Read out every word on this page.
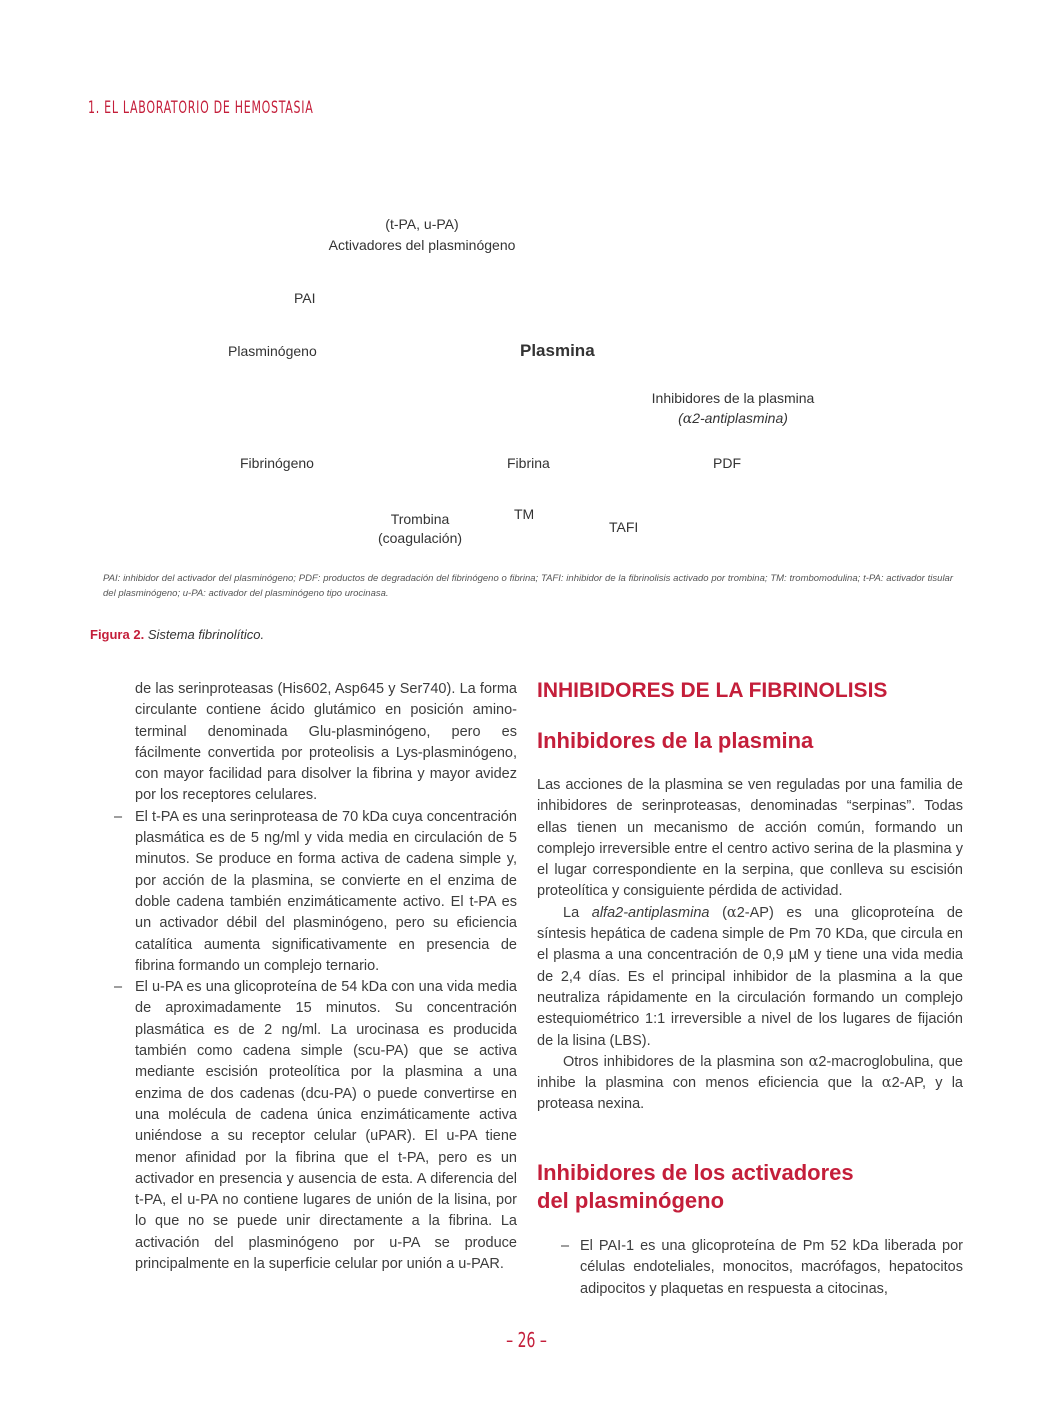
1. EL LABORATORIO DE HEMOSTASIA
(t-PA, u-PA)
Activadores del plasminógeno
PAI
Plasminógeno	Plasmina
Inhibidores de la plasmina
(α2-antiplasmina)
Fibrinógeno	Fibrina	PDF
TM
Trombina
(coagulación)
TAFI
PAI: inhibidor del activador del plasminógeno; PDF: productos de degradación del fibrinógeno o fibrina; TAFI: inhibidor de la fibrinolisis activado por trombina; TM: trombomodulina; t-PA: activador tisular del plasminógeno; u-PA: activador del plasminógeno tipo urocinasa.
Figura 2. Sistema fibrinolítico.

de las serinproteasas (His602, Asp645 y Ser740). La forma circulante contiene ácido glutámico en posición amino-terminal denominada Glu-plasminógeno, pero es fácilmente convertida por proteolisis a Lys-plasminógeno, con mayor facilidad para disolver la fibrina y mayor avidez por los receptores celulares.

– El t-PA es una serinproteasa de 70 kDa cuya concentración plasmática es de 5 ng/ml y vida media en circulación de 5 minutos. Se produce en forma activa de cadena simple y, por acción de la plasmina, se convierte en el enzima de doble cadena también enzimáticamente activo. El t-PA es un activador débil del plasminógeno, pero su eficiencia catalítica aumenta significativamente en presencia de fibrina formando un complejo ternario.

– El u-PA es una glicoproteína de 54 kDa con una vida media de aproximadamente 15 minutos. Su concentración plasmática es de 2 ng/ml. La urocinasa es producida también como cadena simple (scu-PA) que se activa mediante escisión proteolítica por la plasmina a una enzima de dos cadenas (dcu-PA) o puede convertirse en una molécula de cadena única enzimáticamente activa uniéndose a su receptor celular (uPAR). El u-PA tiene menor afinidad por la fibrina que el t-PA, pero es un activador en presencia y ausencia de esta. A diferencia del t-PA, el u-PA no contiene lugares de unión de la lisina, por lo que no se puede unir directamente a la fibrina. La activación del plasminógeno por u-PA se produce principalmente en la superficie celular por unión a u-PAR.

INHIBIDORES DE LA FIBRINOLISIS
Inhibidores de la plasmina

Las acciones de la plasmina se ven reguladas por una familia de inhibidores de serinproteasas, denominadas “serpinas”. Todas ellas tienen un mecanismo de acción común, formando un complejo irreversible entre el centro activo serina de la plasmina y el lugar correspondiente en la serpina, que conlleva su escisión proteolítica y consiguiente pérdida de actividad.

La alfa2-antiplasmina (α2-AP) es una glicoproteína de síntesis hepática de cadena simple de Pm 70 KDa, que circula en el plasma a una concentración de 0,9 µM y tiene una vida media de 2,4 días. Es el principal inhibidor de la plasmina a la que neutraliza rápidamente en la circulación formando un complejo estequiométrico 1:1 irreversible a nivel de los lugares de fijación de la lisina (LBS).

Otros inhibidores de la plasmina son α2-macroglobulina, que inhibe la plasmina con menos eficiencia que la α2-AP, y la proteasa nexina.

Inhibidores de los activadores
del plasminógeno
– El PAI-1 es una glicoproteína de Pm 52 kDa liberada por células endoteliales, monocitos, macrófagos, hepatocitos adipocitos y plaquetas en respuesta a citocinas,

– 26 –
